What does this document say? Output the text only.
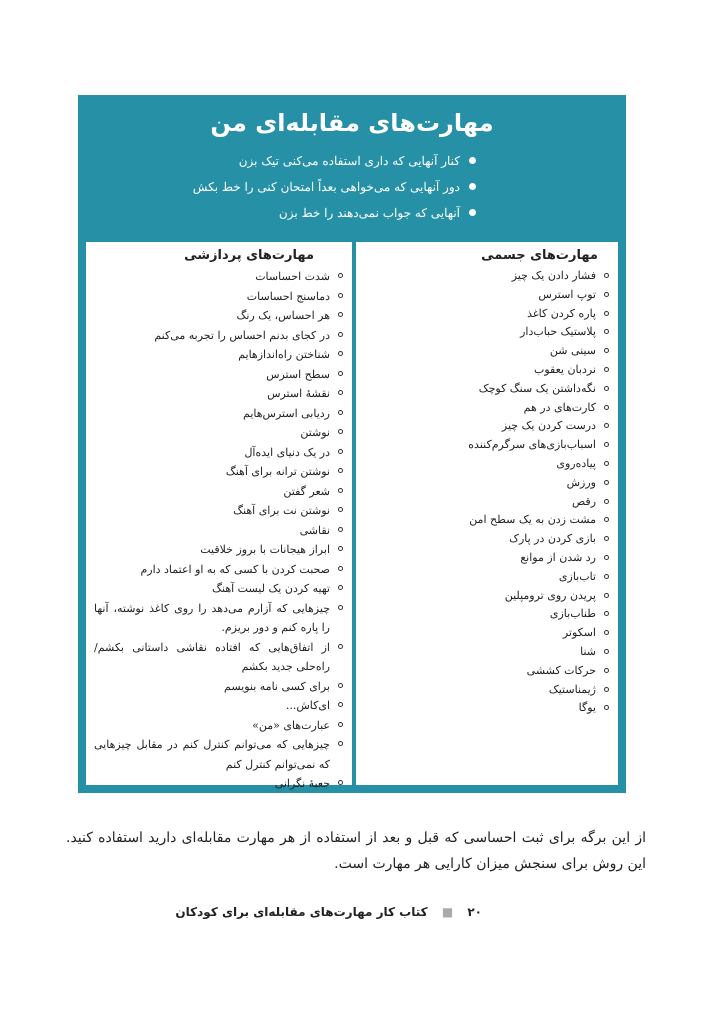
مهارت‌های مقابله‌ای من
کنار آنهایی که داری استفاده می‌کنی تیک بزن
دور آنهایی که می‌خواهی بعداً امتحان کنی را خط بکش
آنهایی که جواب نمی‌دهند را خط بزن
مهارت‌های جسمی
فشار دادن یک چیز
توپ استرس
پاره کردن کاغذ
پلاستیک حباب‌دار
سینی شن
نردبان یعقوب
نگه‌داشتن یک سنگ کوچک
کارت‌های در هم
درست کردن یک چیز
اسباب‌بازی‌های سرگرم‌کننده
پیاده‌روی
ورزش
رقص
مشت زدن به یک سطح امن
بازی کردن در پارک
رد شدن از موانع
تاب‌بازی
پریدن روی ترومپلین
طناب‌بازی
اسکوتر
شنا
حرکات کششی
ژیمناستیک
یوگا
مهارت‌های پردازشی
شدت احساسات
دماسنج احساسات
هر احساس، یک رنگ
در کجای بدنم احساس را تجربه می‌کنم
شناختن راه‌اندازهایم
سطح استرس
نقشهٔ استرس
ردیابی استرس‌هایم
نوشتن
در یک دنیای ایده‌آل
نوشتن ترانه برای آهنگ
شعر گفتن
نوشتن نت برای آهنگ
نقاشی
ابراز هیجانات با بروز خلاقیت
صحبت کردن با کسی که به او اعتماد دارم
تهیه کردن یک لیست آهنگ
چیزهایی که آزارم می‌دهد را روی کاغذ نوشته، آنها را پاره کنم و دور بریزم.
از اتفاق‌هایی که افتاده نقاشی داستانی بکشم/ راه‌حلی جدید بکشم
برای کسی نامه بنویسم
ای‌کاش...
عبارت‌های «من»
چیزهایی که می‌توانم کنترل کنم در مقابل چیزهایی که نمی‌توانم کنترل کنم
جعبهٔ نگرانی
از این برگه برای ثبت احساسی که قبل و بعد از استفاده از هر مهارت مقابله‌ای دارید استفاده کنید. این روش برای سنجش میزان کارایی هر مهارت است.
۲۰ ■ کتاب کار مهارت‌های مقابله‌ای برای کودکان
